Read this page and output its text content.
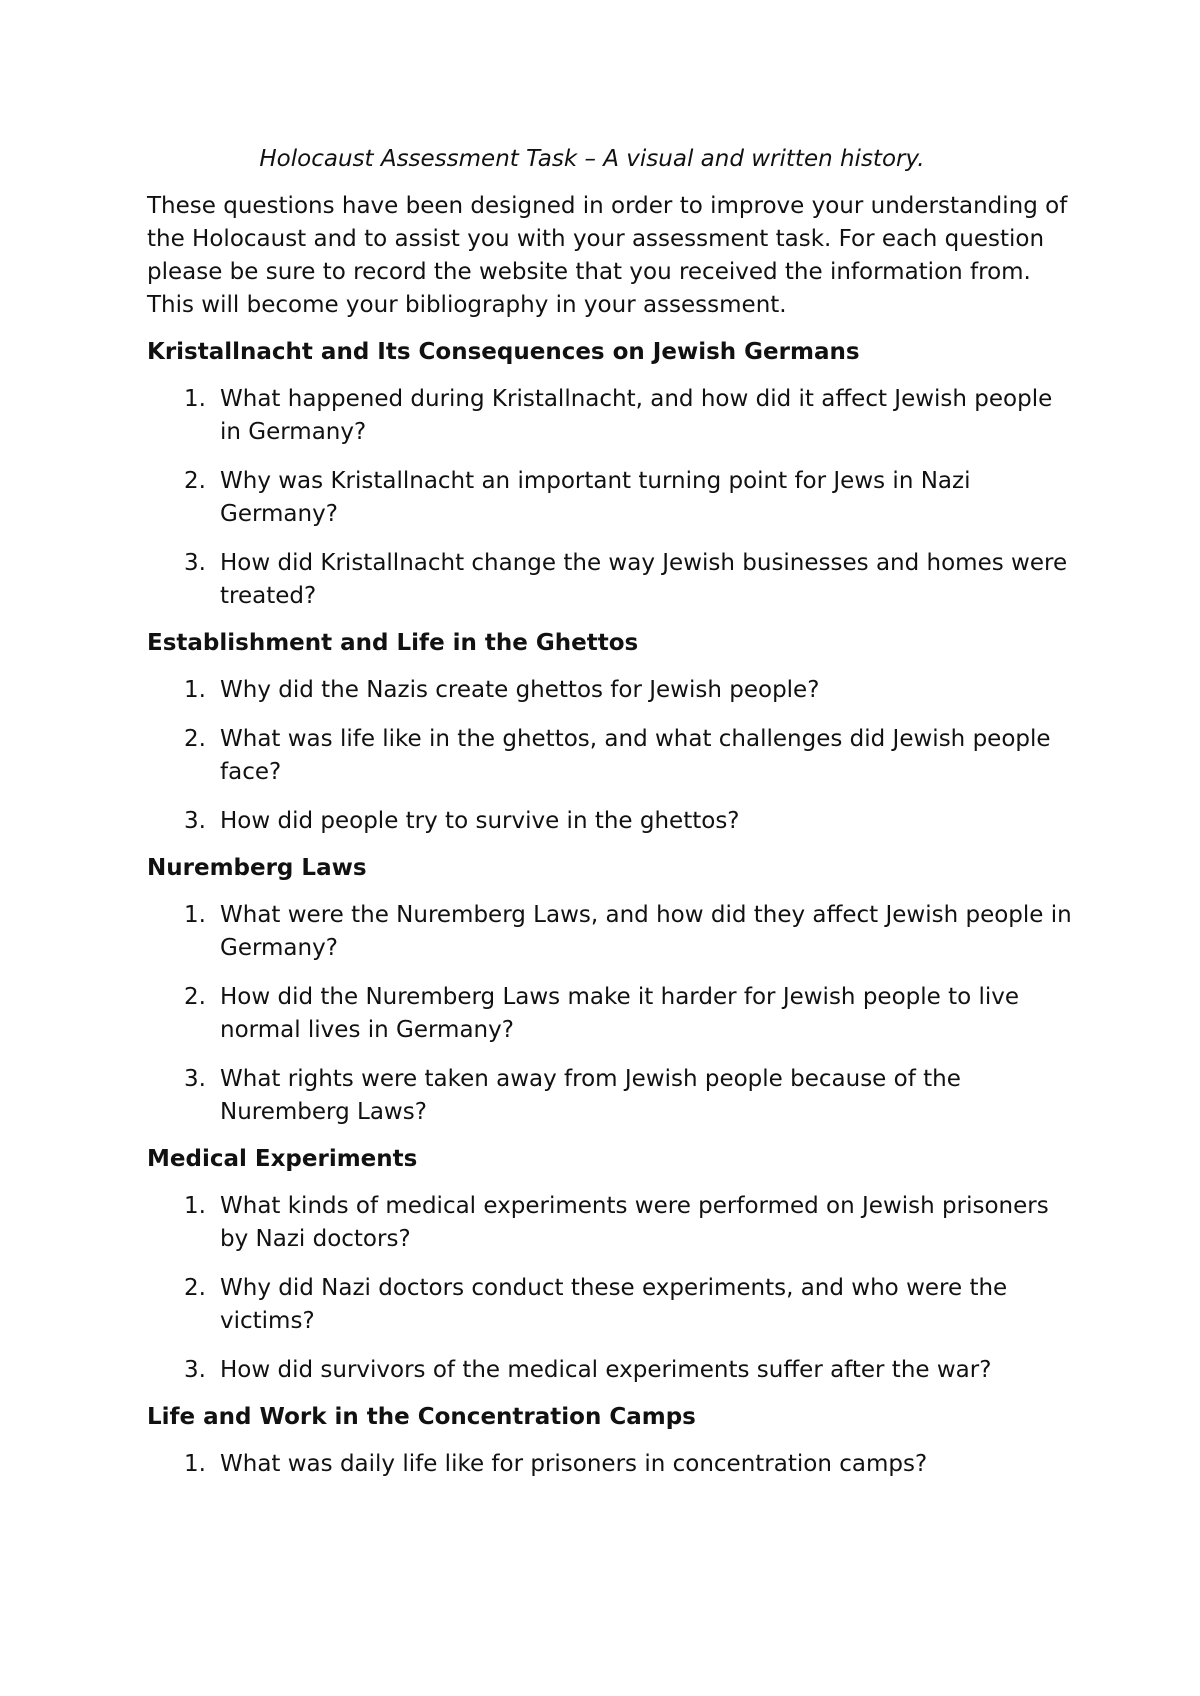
Holocaust Assessment Task – A visual and written history.

These questions have been designed in order to improve your understanding of the Holocaust and to assist you with your assessment task. For each question please be sure to record the website that you received the information from. This will become your bibliography in your assessment.

Kristallnacht and Its Consequences on Jewish Germans

1. What happened during Kristallnacht, and how did it affect Jewish people in Germany?
2. Why was Kristallnacht an important turning point for Jews in Nazi Germany?
3. How did Kristallnacht change the way Jewish businesses and homes were treated?

Establishment and Life in the Ghettos

1. Why did the Nazis create ghettos for Jewish people?
2. What was life like in the ghettos, and what challenges did Jewish people face?
3. How did people try to survive in the ghettos?

Nuremberg Laws

1. What were the Nuremberg Laws, and how did they affect Jewish people in Germany?
2. How did the Nuremberg Laws make it harder for Jewish people to live normal lives in Germany?
3. What rights were taken away from Jewish people because of the Nuremberg Laws?

Medical Experiments

1. What kinds of medical experiments were performed on Jewish prisoners by Nazi doctors?
2. Why did Nazi doctors conduct these experiments, and who were the victims?
3. How did survivors of the medical experiments suffer after the war?

Life and Work in the Concentration Camps

1. What was daily life like for prisoners in concentration camps?
